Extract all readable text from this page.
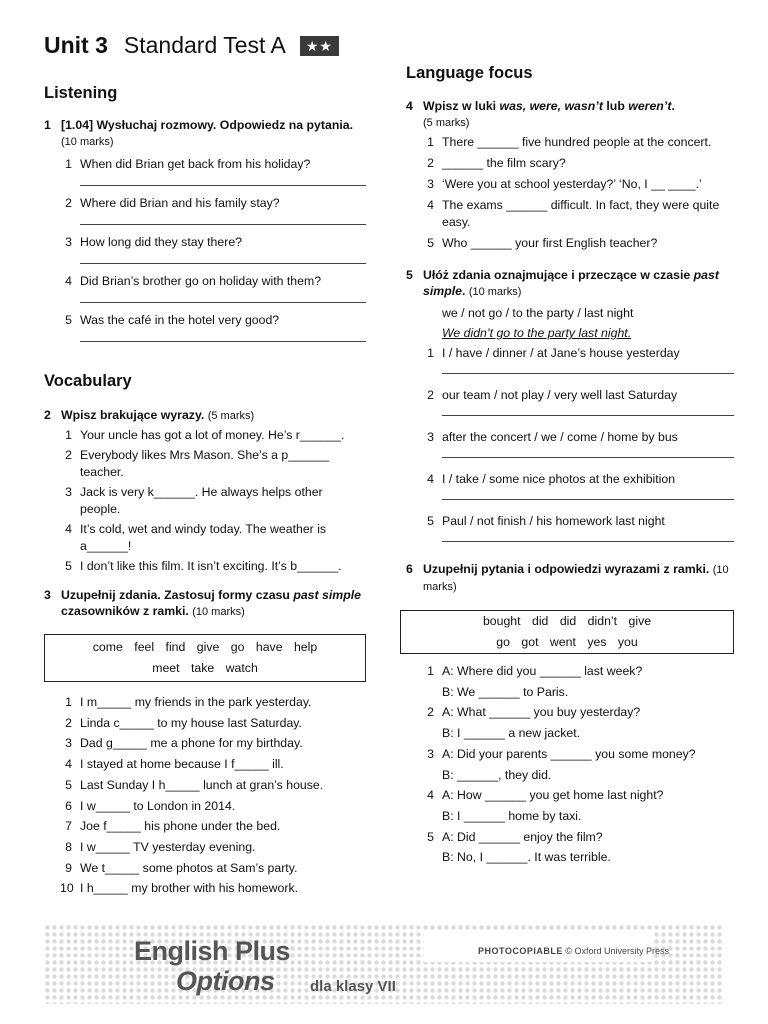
Unit 3 Standard Test A	★★
Listening
1 [1.04] Wysłuchaj rozmowy. Odpowiedz na pytania. (10 marks)
1 When did Brian get back from his holiday?
2 Where did Brian and his family stay?
3 How long did they stay there?
4 Did Brian’s brother go on holiday with them?
5 Was the café in the hotel very good?
Vocabulary
2 Wpisz brakujące wyrazy. (5 marks)
1 Your uncle has got a lot of money. He’s r______.
2 Everybody likes Mrs Mason. She’s a p______ teacher.
3 Jack is very k______. He always helps other people.
4 It’s cold, wet and windy today. The weather is a______!
5 I don’t like this film. It isn’t exciting. It’s b______.
3 Uzupełnij zdania. Zastosuj formy czasu past simple czasowników z ramki. (10 marks)
come feel find give go have help
meet take watch
1 I m_____ my friends in the park yesterday.
2 Linda c_____ to my house last Saturday.
3 Dad g_____ me a phone for my birthday.
4 I stayed at home because I f_____ ill.
5 Last Sunday I h_____ lunch at gran’s house.
6 I w_____ to London in 2014.
7 Joe f_____ his phone under the bed.
8 I w_____ TV yesterday evening.
9 We t_____ some photos at Sam’s party.
10 I h_____ my brother with his homework.
Language focus
4 Wpisz w luki was, were, wasn’t lub weren’t.
(5 marks)
1 There ______ five hundred people at the concert.
2 ______ the film scary?
3 ‘Were you at school yesterday?’ ‘No, I __ ____.’
4 The exams ______ difficult. In fact, they were quite easy.
5 Who ______ your first English teacher?
5 Ułóż zdania oznajmujące i przeczące w czasie past simple. (10 marks)
we / not go / to the party / last night
We didn’t go to the party last night.
1 I / have / dinner / at Jane’s house yesterday
2 our team / not play / very well last Saturday
3 after the concert / we / come / home by bus
4 I / take / some nice photos at the exhibition
5 Paul / not finish / his homework last night
6 Uzupełnij pytania i odpowiedzi wyrazami z ramki. (10 marks)
bought did did didn’t give
go got went yes you
1 A: Where did you ______ last week?
B: We ______ to Paris.
2 A: What ______ you buy yesterday?
B: I ______ a new jacket.
3 A: Did your parents ______ you some money?
B: ______, they did.
4 A: How ______ you get home last night?
B: I ______ home by taxi.
5 A: Did ______ enjoy the film?
B: No, I ______. It was terrible.
English Plus
Options dla klasy VII
PHOTOCOPIABLE © Oxford University Press
